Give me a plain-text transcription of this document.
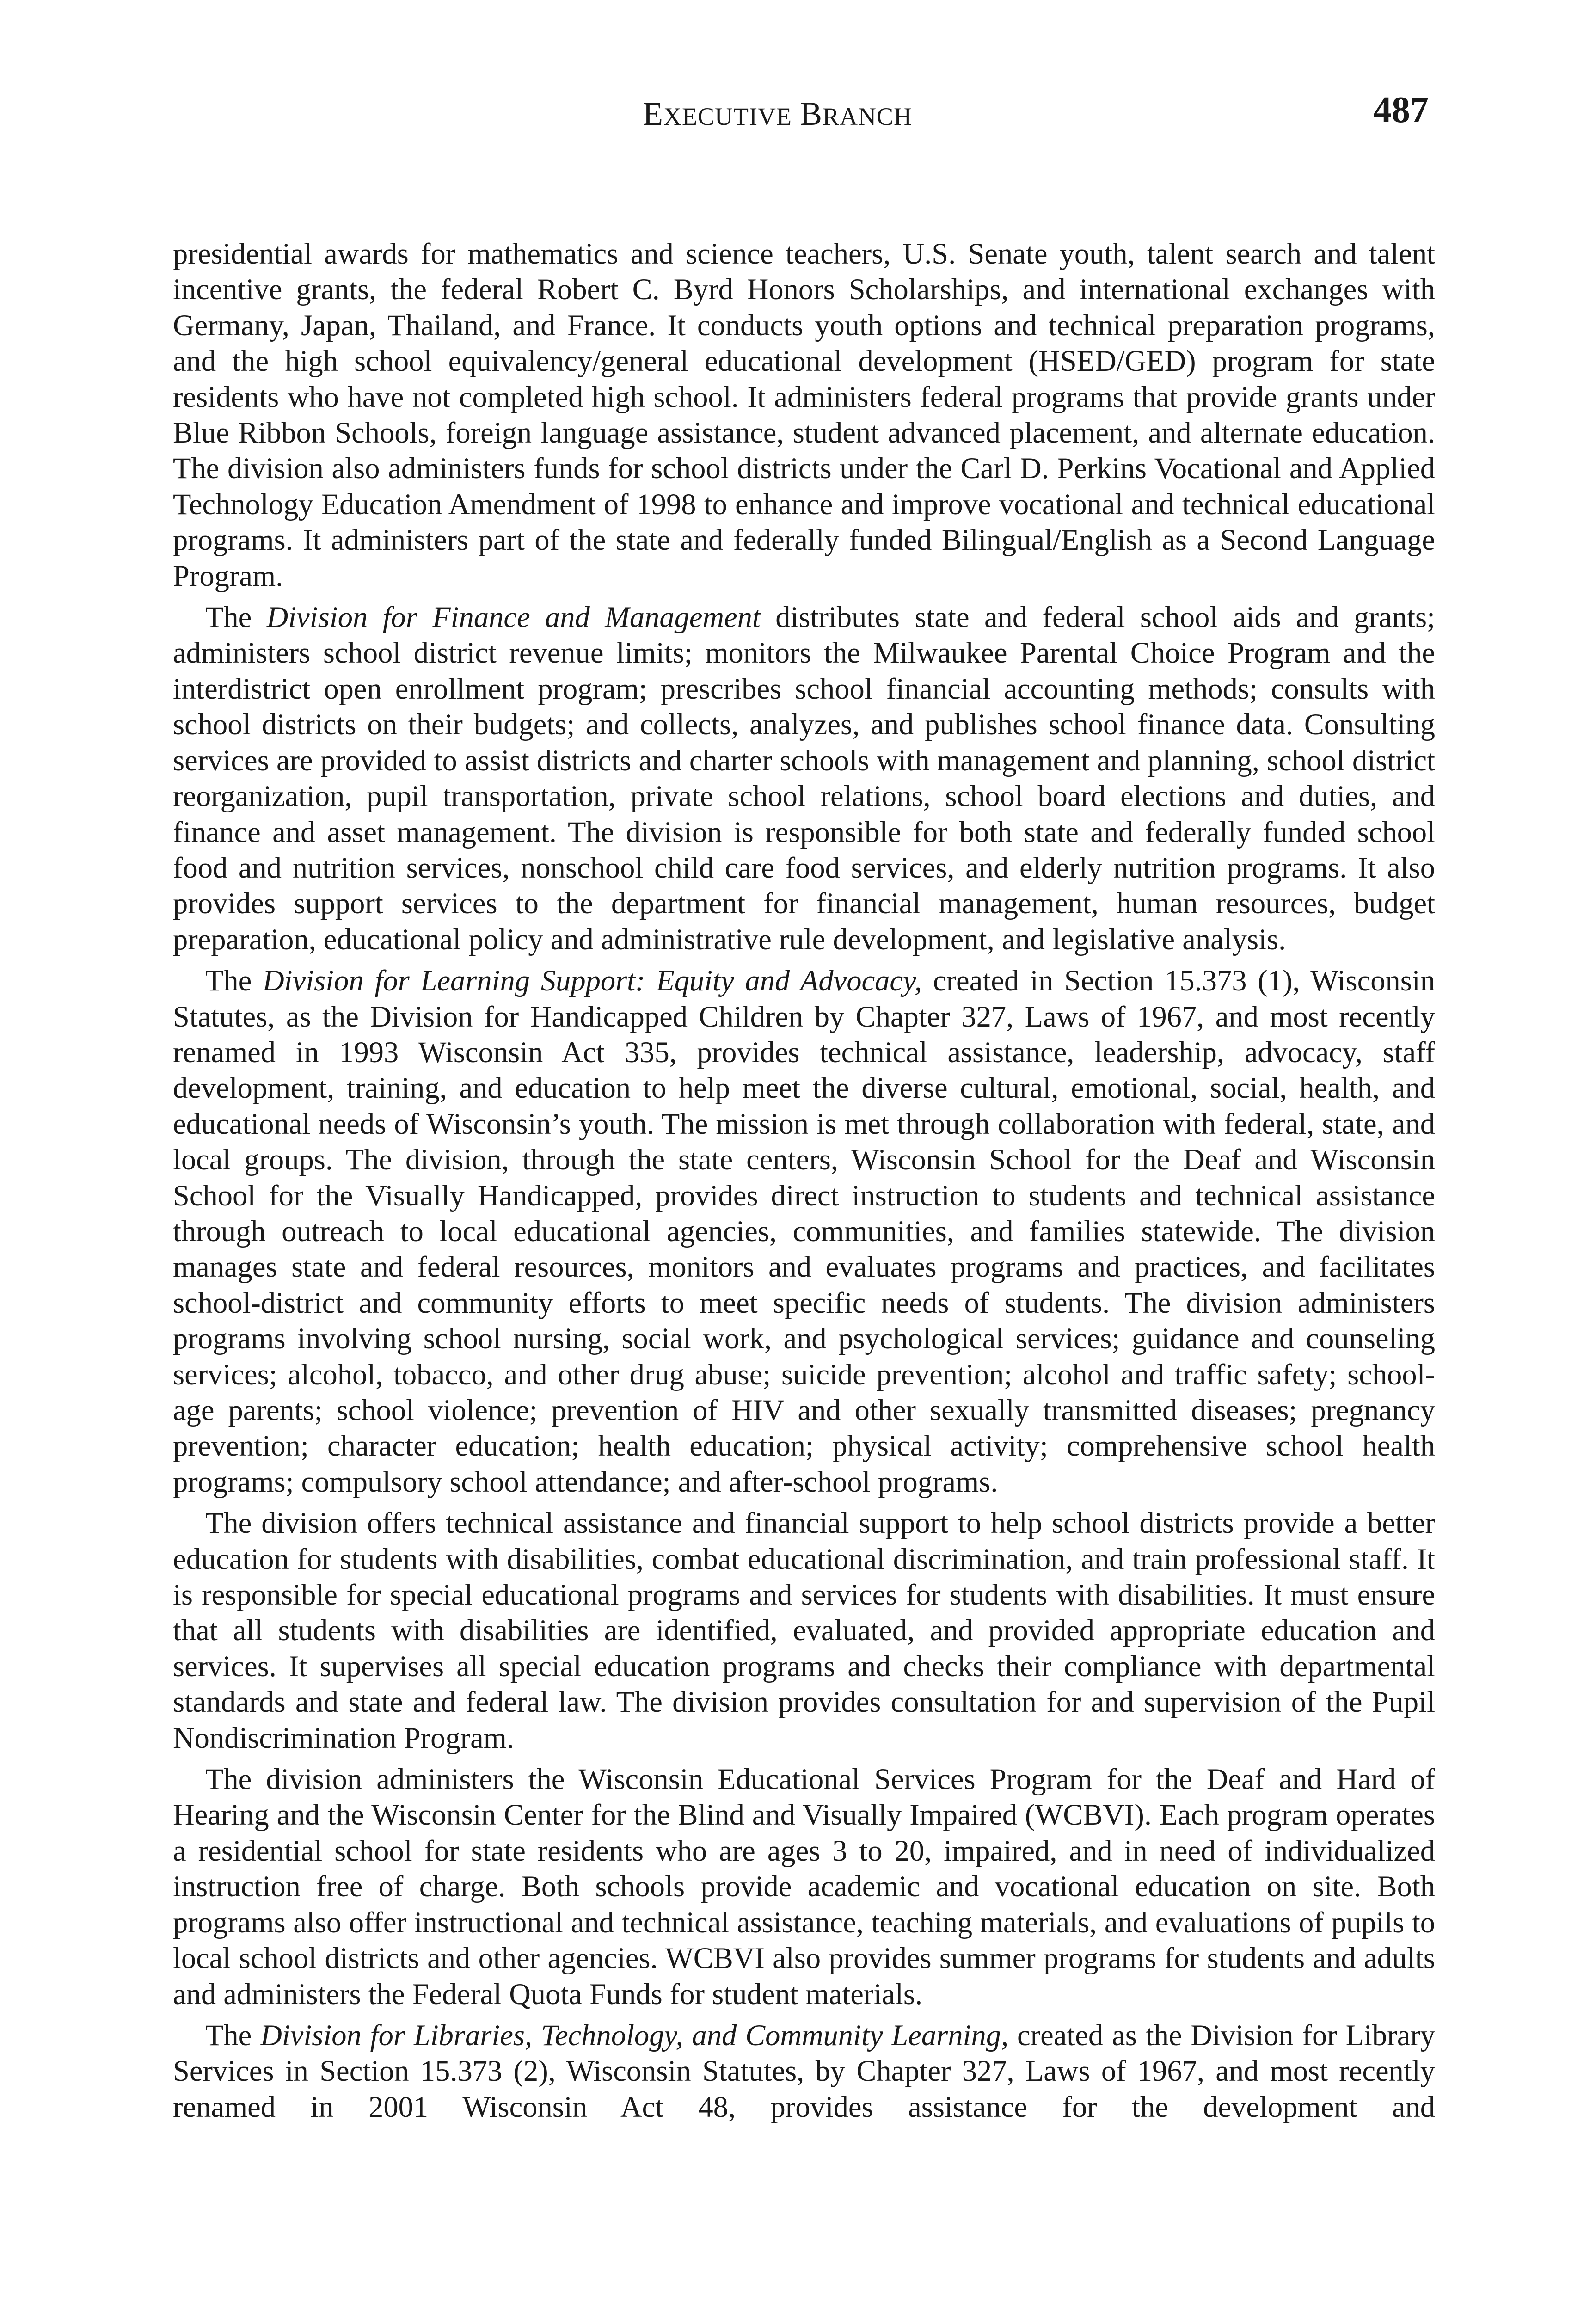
EXECUTIVE BRANCH	487

presidential awards for mathematics and science teachers, U.S. Senate youth, talent search and talent incentive grants, the federal Robert C. Byrd Honors Scholarships, and international exchanges with Germany, Japan, Thailand, and France. It conducts youth options and technical preparation programs, and the high school equivalency/general educational development (HSED/GED) program for state residents who have not completed high school. It administers federal programs that provide grants under Blue Ribbon Schools, foreign language assistance, student advanced placement, and alternate education. The division also administers funds for school districts under the Carl D. Perkins Vocational and Applied Technology Education Amendment of 1998 to enhance and improve vocational and technical educational programs. It administers part of the state and federally funded Bilingual/English as a Second Language Program.

The Division for Finance and Management distributes state and federal school aids and grants; administers school district revenue limits; monitors the Milwaukee Parental Choice Program and the interdistrict open enrollment program; prescribes school financial accounting methods; consults with school districts on their budgets; and collects, analyzes, and publishes school finance data. Consulting services are provided to assist districts and charter schools with management and planning, school district reorganization, pupil transportation, private school relations, school board elections and duties, and finance and asset management. The division is responsible for both state and federally funded school food and nutrition services, nonschool child care food services, and elderly nutrition programs. It also provides support services to the department for financial management, human resources, budget preparation, educational policy and administrative rule development, and legislative analysis.

The Division for Learning Support: Equity and Advocacy, created in Section 15.373 (1), Wisconsin Statutes, as the Division for Handicapped Children by Chapter 327, Laws of 1967, and most recently renamed in 1993 Wisconsin Act 335, provides technical assistance, leadership, advocacy, staff development, training, and education to help meet the diverse cultural, emotional, social, health, and educational needs of Wisconsin’s youth. The mission is met through collaboration with federal, state, and local groups. The division, through the state centers, Wisconsin School for the Deaf and Wisconsin School for the Visually Handicapped, provides direct instruction to students and technical assistance through outreach to local educational agencies, communities, and families statewide. The division manages state and federal resources, monitors and evaluates programs and practices, and facilitates school-district and community efforts to meet specific needs of students. The division administers programs involving school nursing, social work, and psychological services; guidance and counseling services; alcohol, tobacco, and other drug abuse; suicide prevention; alcohol and traffic safety; school-age parents; school violence; prevention of HIV and other sexually transmitted diseases; pregnancy prevention; character education; health education; physical activity; comprehensive school health programs; compulsory school attendance; and after-school programs.

The division offers technical assistance and financial support to help school districts provide a better education for students with disabilities, combat educational discrimination, and train professional staff. It is responsible for special educational programs and services for students with disabilities. It must ensure that all students with disabilities are identified, evaluated, and provided appropriate education and services. It supervises all special education programs and checks their compliance with departmental standards and state and federal law. The division provides consultation for and supervision of the Pupil Nondiscrimination Program.

The division administers the Wisconsin Educational Services Program for the Deaf and Hard of Hearing and the Wisconsin Center for the Blind and Visually Impaired (WCBVI). Each program operates a residential school for state residents who are ages 3 to 20, impaired, and in need of individualized instruction free of charge. Both schools provide academic and vocational education on site. Both programs also offer instructional and technical assistance, teaching materials, and evaluations of pupils to local school districts and other agencies. WCBVI also provides summer programs for students and adults and administers the Federal Quota Funds for student materials.

The Division for Libraries, Technology, and Community Learning, created as the Division for Library Services in Section 15.373 (2), Wisconsin Statutes, by Chapter 327, Laws of 1967, and most recently renamed in 2001 Wisconsin Act 48, provides assistance for the development and
